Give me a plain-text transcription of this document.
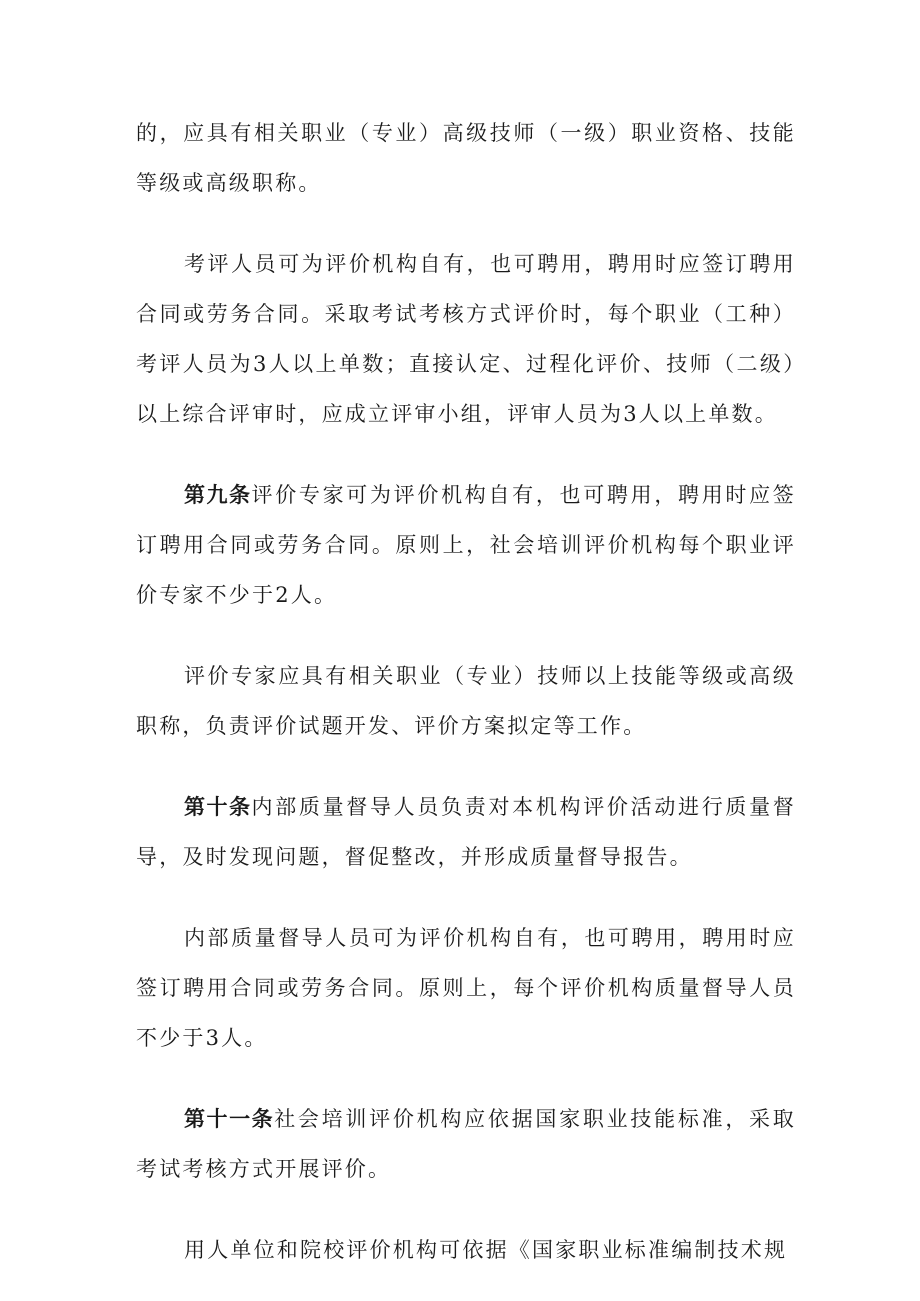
的，应具有相关职业（专业）高级技师（一级）职业资格、技能等级或高级职称。

考评人员可为评价机构自有，也可聘用，聘用时应签订聘用合同或劳务合同。采取考试考核方式评价时，每个职业（工种）考评人员为3人以上单数；直接认定、过程化评价、技师（二级）以上综合评审时，应成立评审小组，评审人员为3人以上单数。

第九条评价专家可为评价机构自有，也可聘用，聘用时应签订聘用合同或劳务合同。原则上，社会培训评价机构每个职业评价专家不少于2人。

评价专家应具有相关职业（专业）技师以上技能等级或高级职称，负责评价试题开发、评价方案拟定等工作。

第十条内部质量督导人员负责对本机构评价活动进行质量督导，及时发现问题，督促整改，并形成质量督导报告。

内部质量督导人员可为评价机构自有，也可聘用，聘用时应签订聘用合同或劳务合同。原则上，每个评价机构质量督导人员不少于3人。

第十一条社会培训评价机构应依据国家职业技能标准，采取考试考核方式开展评价。

用人单位和院校评价机构可依据《国家职业标准编制技术规
